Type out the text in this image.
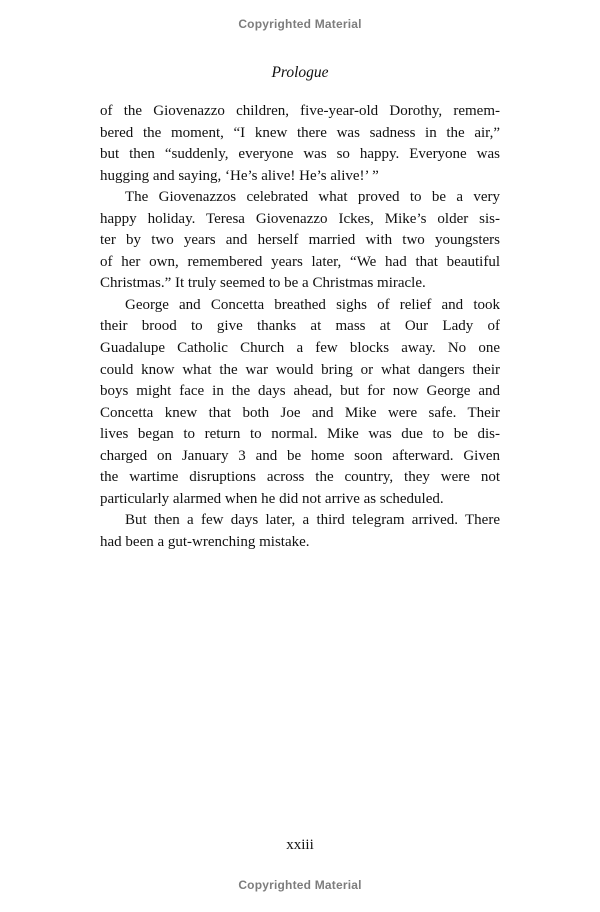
Copyrighted Material
Prologue
of the Giovenazzo children, five-year-old Dorothy, remem-
bered the moment, “I knew there was sadness in the air,”
but then “suddenly, everyone was so happy. Everyone was
hugging and saying, ‘He’s alive! He’s alive!’ ”
The Giovenazzos celebrated what proved to be a very
happy holiday. Teresa Giovenazzo Ickes, Mike’s older sis-
ter by two years and herself married with two youngsters
of her own, remembered years later, “We had that beautiful
Christmas.” It truly seemed to be a Christmas miracle.
George and Concetta breathed sighs of relief and took
their brood to give thanks at mass at Our Lady of
Guadalupe Catholic Church a few blocks away. No one
could know what the war would bring or what dangers their
boys might face in the days ahead, but for now George and
Concetta knew that both Joe and Mike were safe. Their
lives began to return to normal. Mike was due to be dis-
charged on January 3 and be home soon afterward. Given
the wartime disruptions across the country, they were not
particularly alarmed when he did not arrive as scheduled.
But then a few days later, a third telegram arrived. There
had been a gut-wrenching mistake.
xxiii
Copyrighted Material
